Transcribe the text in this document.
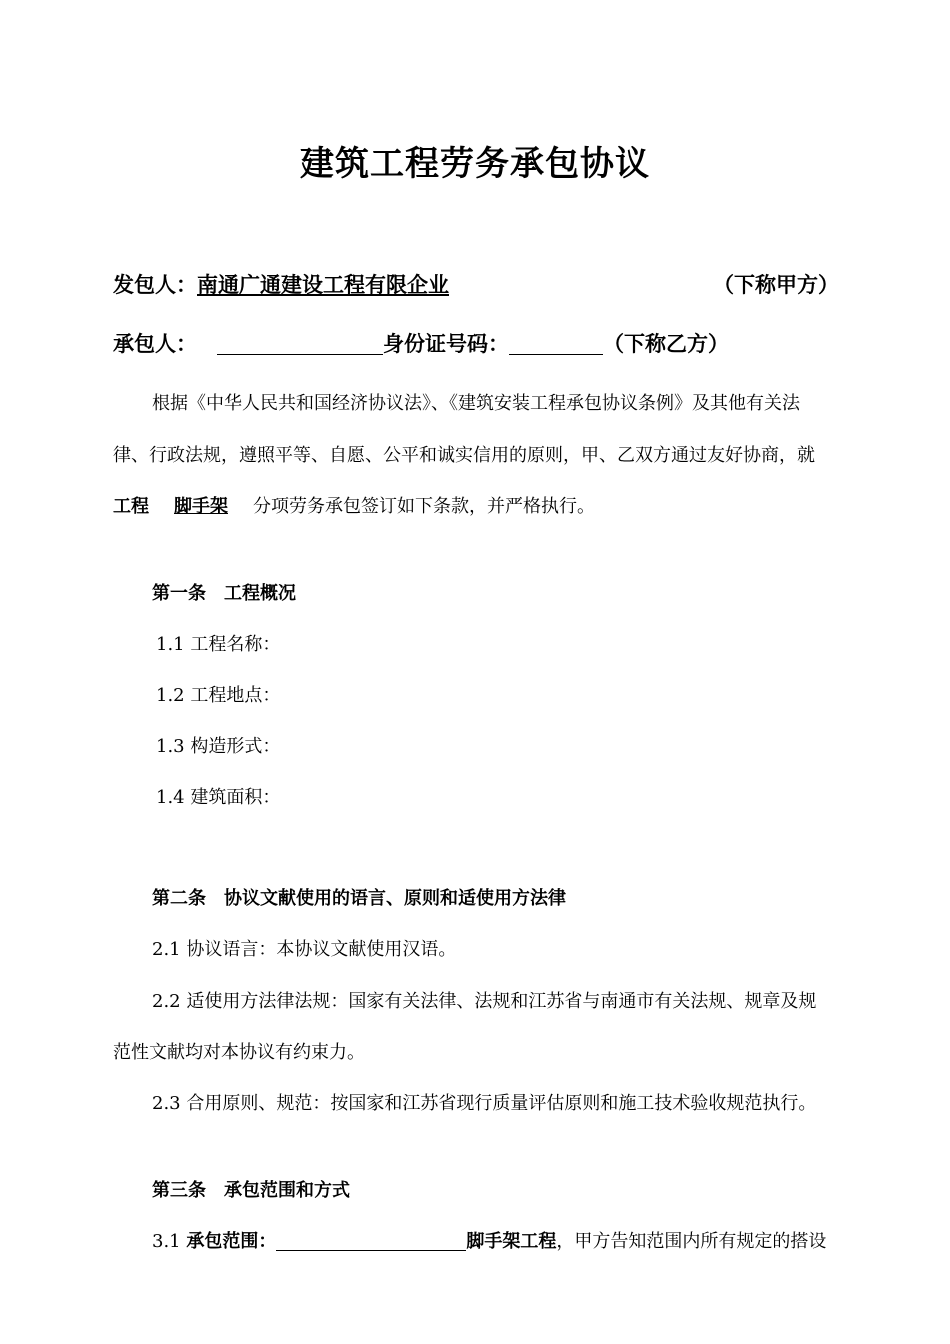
建筑工程劳务承包协议
发包人：南通广通建设工程有限企业	（下称甲方）
承包人：	身份证号码：	（下称乙方）
根据《中华人民共和国经济协议法》、《建筑安装工程承包协议条例》及其他有关法
律、行政法规，遵照平等、自愿、公平和诚实信用的原则，甲、乙双方通过友好协商，就
工程 脚手架 分项劳务承包签订如下条款，并严格执行。
第一条　工程概况
1.1 工程名称：
1.2 工程地点：
1.3 构造形式：
1.4 建筑面积：
第二条　协议文献使用的语言、原则和适使用方法律
2.1 协议语言：本协议文献使用汉语。
2.2 适使用方法律法规：国家有关法律、法规和江苏省与南通市有关法规、规章及规
范性文献均对本协议有约束力。
2.3 合用原则、规范：按国家和江苏省现行质量评估原则和施工技术验收规范执行。
第三条　承包范围和方式
3.1 承包范围：	脚手架工程，甲方告知范围内所有规定的搭设
